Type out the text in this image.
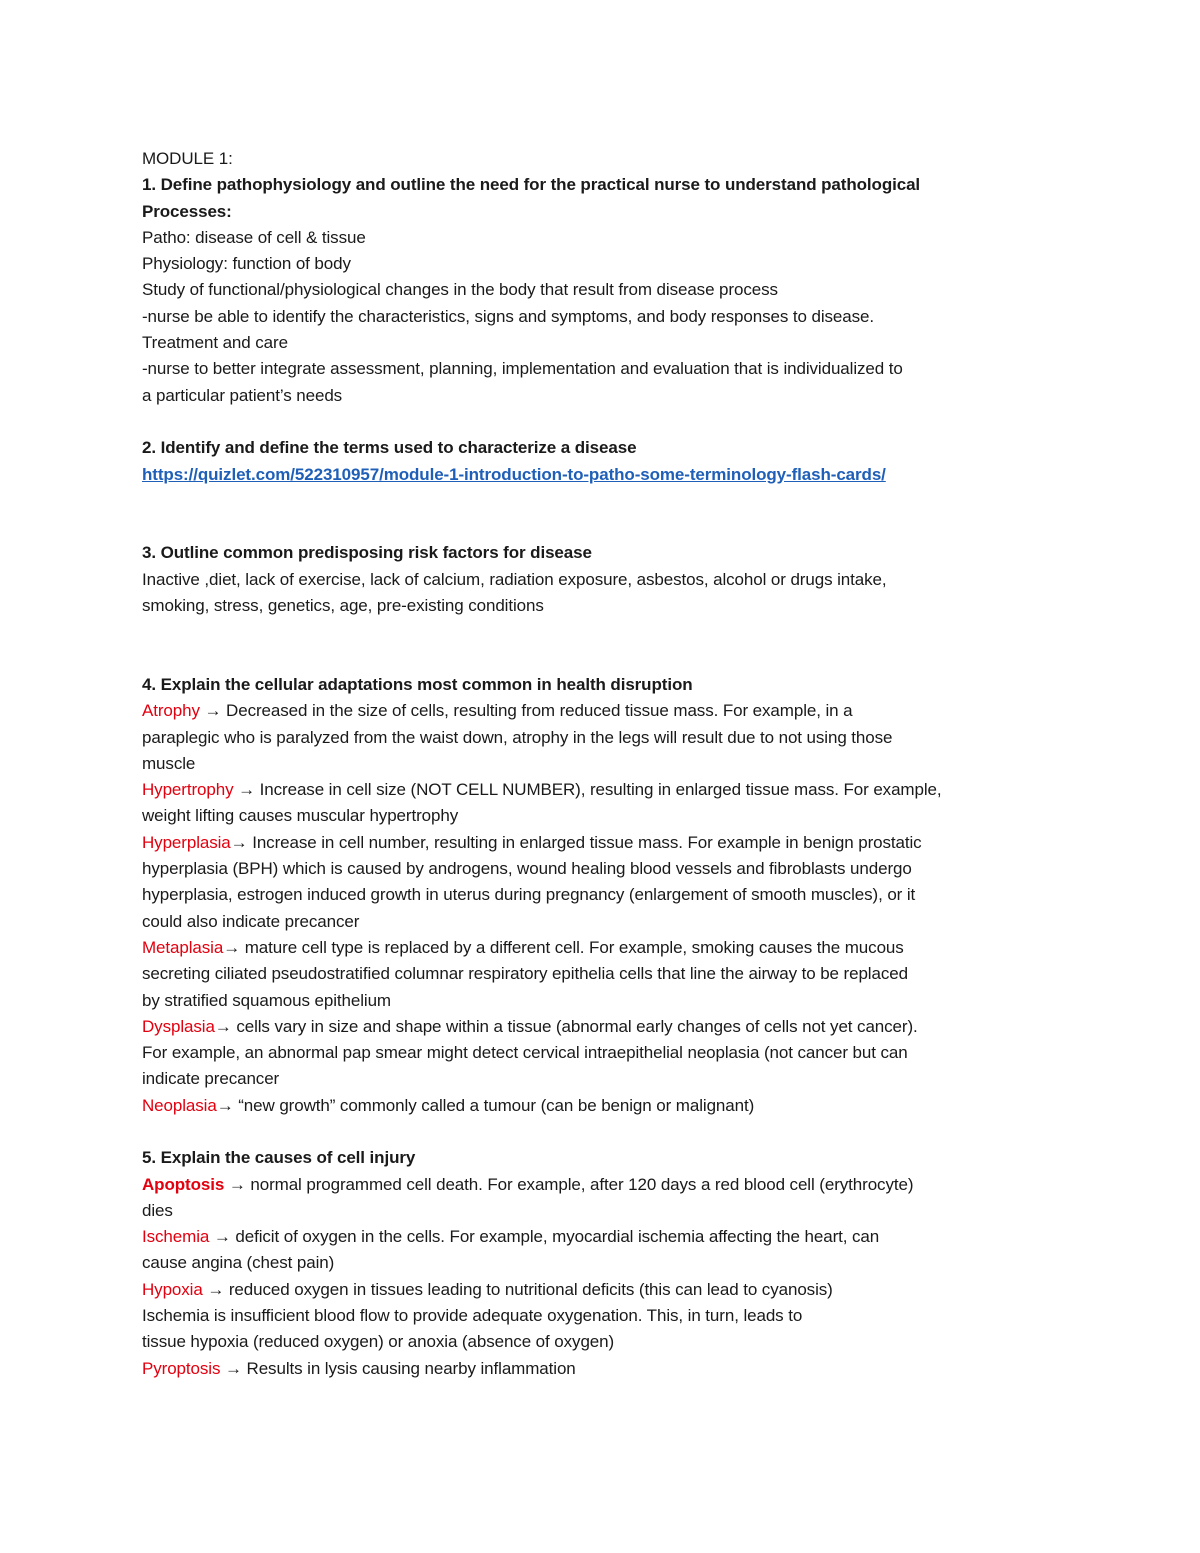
MODULE 1:
1. Define pathophysiology and outline the need for the practical nurse to understand pathological
Processes:
Patho: disease of cell & tissue
Physiology: function of body
Study of functional/physiological changes in the body that result from disease process
-nurse be able to identify the characteristics, signs and symptoms, and body responses to disease.
Treatment and care
-nurse to better integrate assessment, planning, implementation and evaluation that is individualized to
a particular patient’s needs
2. Identify and define the terms used to characterize a disease
https://quizlet.com/522310957/module-1-introduction-to-patho-some-terminology-flash-cards/
3. Outline common predisposing risk factors for disease
Inactive ,diet, lack of exercise, lack of calcium, radiation exposure, asbestos, alcohol or drugs intake,
smoking, stress, genetics, age, pre-existing conditions
4. Explain the cellular adaptations most common in health disruption
Atrophy → Decreased in the size of cells, resulting from reduced tissue mass. For example, in a
paraplegic who is paralyzed from the waist down, atrophy in the legs will result due to not using those
muscle
Hypertrophy → Increase in cell size (NOT CELL NUMBER), resulting in enlarged tissue mass. For example,
weight lifting causes muscular hypertrophy
Hyperplasia→ Increase in cell number, resulting in enlarged tissue mass. For example in benign prostatic
hyperplasia (BPH) which is caused by androgens, wound healing blood vessels and fibroblasts undergo
hyperplasia, estrogen induced growth in uterus during pregnancy (enlargement of smooth muscles), or it
could also indicate precancer
Metaplasia→ mature cell type is replaced by a different cell. For example, smoking causes the mucous
secreting ciliated pseudostratified columnar respiratory epithelia cells that line the airway to be replaced
by stratified squamous epithelium
Dysplasia→ cells vary in size and shape within a tissue (abnormal early changes of cells not yet cancer).
For example, an abnormal pap smear might detect cervical intraepithelial neoplasia (not cancer but can
indicate precancer
Neoplasia→ “new growth” commonly called a tumour (can be benign or malignant)
5. Explain the causes of cell injury
Apoptosis → normal programmed cell death. For example, after 120 days a red blood cell (erythrocyte)
dies
Ischemia → deficit of oxygen in the cells. For example, myocardial ischemia affecting the heart, can
cause angina (chest pain)
Hypoxia → reduced oxygen in tissues leading to nutritional deficits (this can lead to cyanosis)
Ischemia is insufficient blood flow to provide adequate oxygenation. This, in turn, leads to
tissue hypoxia (reduced oxygen) or anoxia (absence of oxygen)
Pyroptosis → Results in lysis causing nearby inflammation
